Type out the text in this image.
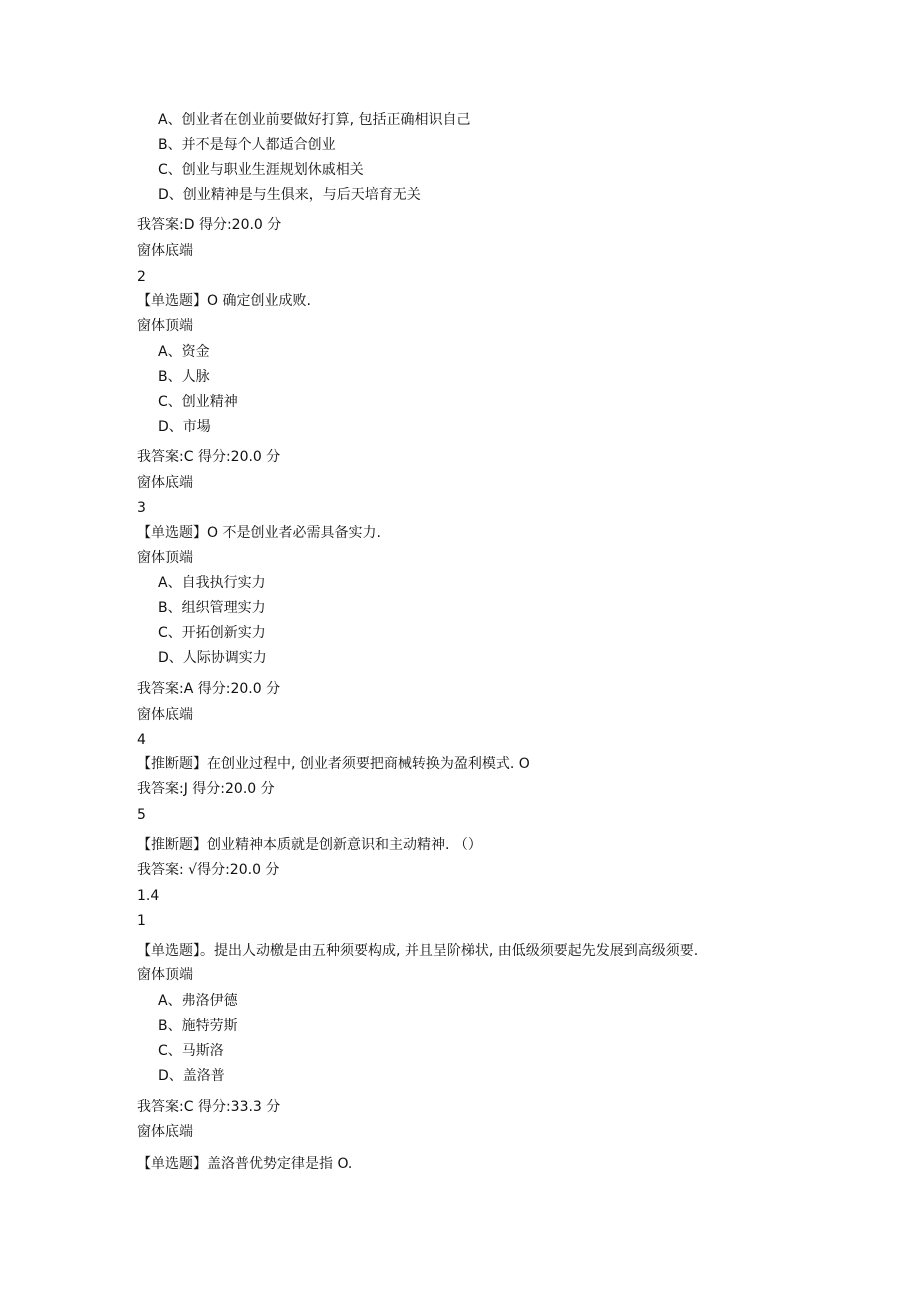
A、创业者在创业前要做好打算, 包括正确相识自己
B、并不是每个人都适合创业
C、创业与职业生涯规划休戚相关
D、创业精神是与生俱来，与后天培育无关
我答案:D 得分:20.0 分
窗体底端
2
【单选题】O 确定创业成败.
窗体顶端
A、资金
B、人脉
C、创业精神
D、市場
我答案:C 得分:20.0 分
窗体底端
3
【单选题】O 不是创业者必需具备实力.
窗体顶端
A、自我执行实力
B、组织管理实力
C、开拓创新实力
D、人际协调实力
我答案:A 得分:20.0 分
窗体底端
4
【推断题】在创业过程中, 创业者须要把商械转换为盈利模式. O
我答案:J 得分:20.0 分
5
【推断题】创业精神本质就是创新意识和主动精神. （）
我答案: √得分:20.0 分
1.4
1
【单选题】。提出人动檄是由五种须要构成, 并且呈阶梯状, 由低级须要起先发展到高级须要.
窗体顶端
A、弗洛伊德
B、施特劳斯
C、马斯洛
D、盖洛普
我答案:C 得分:33.3 分
窗体底端
【单选题】盖洛普优势定律是指 O.
